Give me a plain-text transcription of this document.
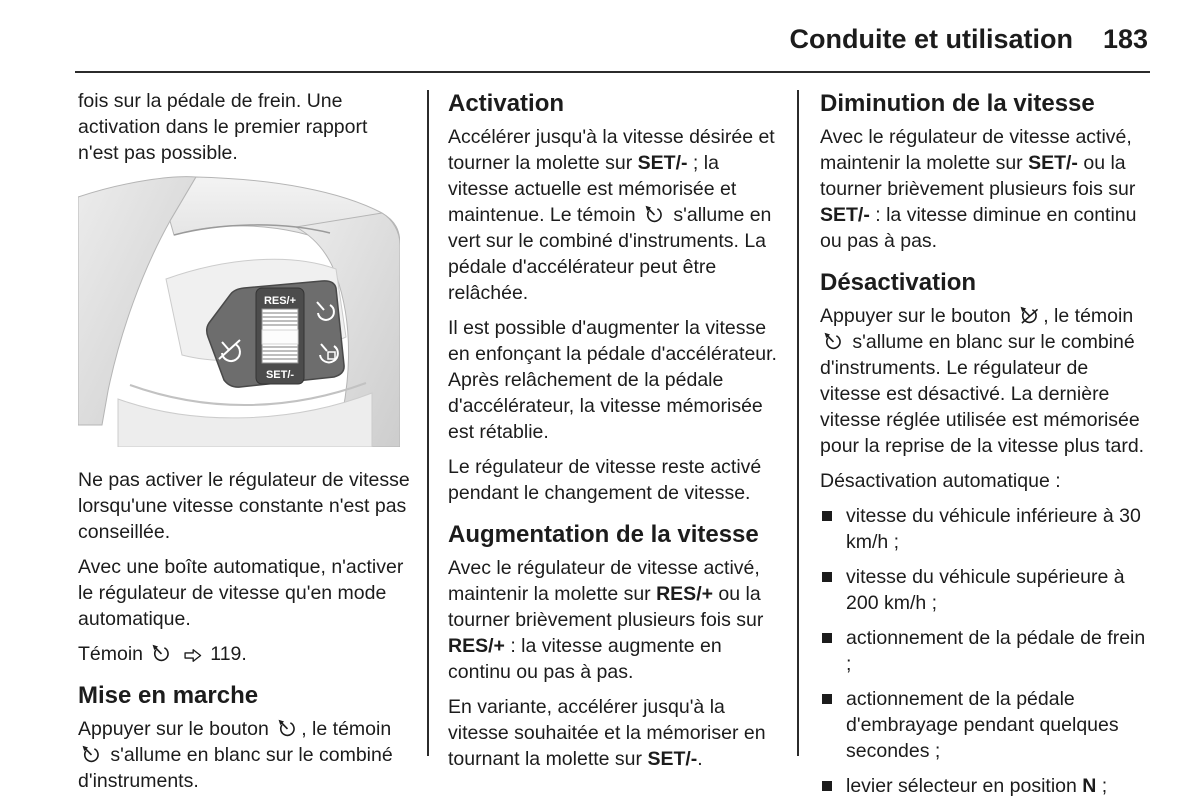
Conduite et utilisation 183

fois sur la pédale de frein. Une activation dans le premier rapport n'est pas possible.

RES/+
SET/-

Ne pas activer le régulateur de vitesse lorsqu'une vitesse constante n'est pas conseillée.

Avec une boîte automatique, n'activer le régulateur de vitesse qu'en mode automatique.

Témoin
	119.

Mise en marche

Appuyer sur le bouton
, le témoin
s'allume en blanc sur le combiné d'instruments.

Activation

Accélérer jusqu'à la vitesse désirée et tourner la molette sur SET/- ; la vitesse actuelle est mémorisée et maintenue. Le témoin
s'allume en vert sur le combiné d'instruments. La pédale d'accélérateur peut être relâchée.

Il est possible d'augmenter la vitesse en enfonçant la pédale d'accélérateur. Après relâchement de la pédale d'accélérateur, la vitesse mémorisée est rétablie.

Le régulateur de vitesse reste activé pendant le changement de vitesse.

Augmentation de la vitesse

Avec le régulateur de vitesse activé, maintenir la molette sur RES/+ ou la tourner brièvement plusieurs fois sur RES/+ : la vitesse augmente en continu ou pas à pas.

En variante, accélérer jusqu'à la vitesse souhaitée et la mémoriser en tournant la molette sur SET/-.

Diminution de la vitesse

Avec le régulateur de vitesse activé, maintenir la molette sur SET/- ou la tourner brièvement plusieurs fois sur SET/- : la vitesse diminue en continu ou pas à pas.

Désactivation

Appuyer sur le bouton
, le témoin
s'allume en blanc sur le combiné d'instruments. Le régulateur de vitesse est désactivé. La dernière vitesse réglée utilisée est mémorisée pour la reprise de la vitesse plus tard.

Désactivation automatique :

vitesse du véhicule inférieure à 30 km/h ;
vitesse du véhicule supérieure à 200 km/h ;
actionnement de la pédale de frein ;
actionnement de la pédale d'embrayage pendant quelques secondes ;
levier sélecteur en position N ;
